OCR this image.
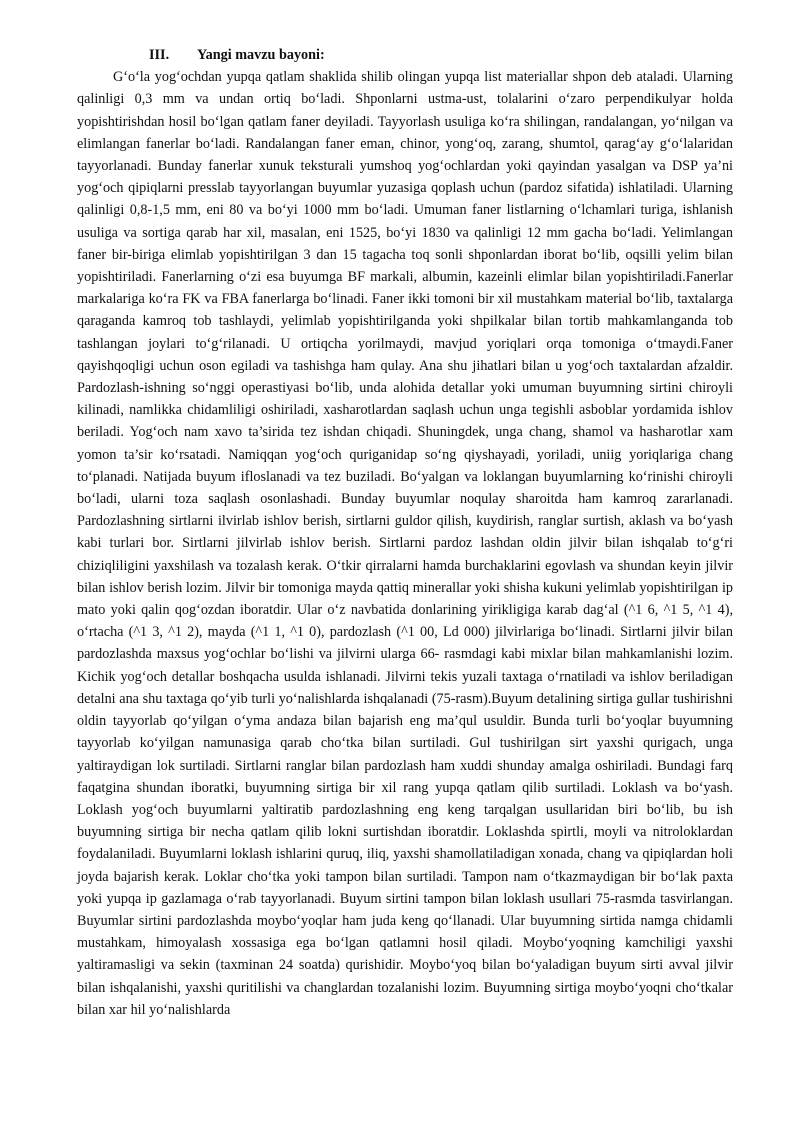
III. Yangi mavzu bayoni:

G‘o‘la yog‘ochdan yupqa qatlam shaklida shilib olingan yupqa list materiallar shpon deb ataladi. Ularning qalinligi 0,3 mm va undan ortiq bo‘ladi. Shponlarni ustma-ust, tolalarini o‘zaro perpendikulyar holda yopishtirishdan hosil bo‘lgan qatlam faner deyiladi. Tayyorlash usuliga ko‘ra shilingan, randalangan, yo‘nilgan va elimlangan fanerlar bo‘ladi. Randalangan faner eman, chinor, yong‘oq, zarang, shumtol, qarag‘ay g‘o‘lalaridan tayyorlanadi. Bunday fanerlar xunuk teksturali yumshoq yog‘ochlardan yoki qayindan yasalgan va DSP ya’ni yog‘och qipiqlarni presslab tayyorlangan buyumlar yuzasiga qoplash uchun (pardoz sifatida) ishlatiladi. Ularning qalinligi 0,8-1,5 mm, eni 80 va bo‘yi 1000 mm bo‘ladi. Umuman faner listlarning o‘lchamlari turiga, ishlanish usuliga va sortiga qarab har xil, masalan, eni 1525, bo‘yi 1830 va qalinligi 12 mm gacha bo‘ladi. Yelimlangan faner bir-biriga elimlab yopishtirilgan 3 dan 15 tagacha toq sonli shponlardan iborat bo‘lib, oqsilli yelim bilan yopishtiriladi. Fanerlarning o‘zi esa buyumga BF markali, albumin, kazeinli elimlar bilan yopishtiriladi.Fanerlar markalariga ko‘ra FK va FBA fanerlarga bo‘linadi. Faner ikki tomoni bir xil mustahkam material bo‘lib, taxtalarga qaraganda kamroq tob tashlaydi, yelimlab yopishtirilganda yoki shpilkalar bilan tortib mahkamlanganda tob tashlangan joylari to‘g‘rilanadi. U ortiqcha yorilmaydi, mavjud yoriqlari orqa tomoniga o‘tmaydi.Faner qayishqoqligi uchun oson egiladi va tashishga ham qulay. Ana shu jihatlari bilan u yog‘och taxtalardan afzaldir. Pardozlash-ishning so‘nggi operastiyasi bo‘lib, unda alohida detallar yoki umuman buyumning sirtini chiroyli kilinadi, namlikka chidamliligi oshiriladi, xasharotlardan saqlash uchun unga tegishli asboblar yordamida ishlov beriladi. Yog‘och nam xavo ta’sirida tez ishdan chiqadi. Shuningdek, unga chang, shamol va hasharotlar xam yomon ta’sir ko‘rsatadi. Namiqqan yog‘och quriganidap so‘ng qiyshayadi, yoriladi, uniig yoriqlariga chang to‘planadi. Natijada buyum ifloslanadi va tez buziladi. Bo‘yalgan va loklangan buyumlarning ko‘rinishi chiroyli bo‘ladi, ularni toza saqlash osonlashadi. Bunday buyumlar noqulay sharoitda ham kamroq zararlanadi. Pardozlashning sirtlarni ilvirlab ishlov berish, sirtlarni guldor qilish, kuydirish, ranglar surtish, aklash va bo‘yash kabi turlari bor. Sirtlarni jilvirlab ishlov berish. Sirtlarni pardoz lashdan oldin jilvir bilan ishqalab to‘g‘ri chiziqliligini yaxshilash va tozalash kerak. O‘tkir qirralarni hamda burchaklarini egovlash va shundan keyin jilvir bilan ishlov berish lozim. Jilvir bir tomoniga mayda qattiq minerallar yoki shisha kukuni yelimlab yopishtirilgan ip mato yoki qalin qog‘ozdan iboratdir. Ular o‘z navbatida donlarining yirikligiga karab dag‘al (^1 6, ^1 5, ^1 4), o‘rtacha (^1 3, ^1 2), mayda (^1 1, ^1 0), pardozlash (^1 00, Ld 000) jilvirlariga bo‘linadi. Sirtlarni jilvir bilan pardozlashda maxsus yog‘ochlar bo‘lishi va jilvirni ularga 66- rasmdagi kabi mixlar bilan mahkamlanishi lozim. Kichik yog‘och detallar boshqacha usulda ishlanadi. Jilvirni tekis yuzali taxtaga o‘rnatiladi va ishlov beriladigan detalni ana shu taxtaga qo‘yib turli yo‘nalishlarda ishqalanadi (75-rasm).Buyum detalining sirtiga gullar tushirishni oldin tayyorlab qo‘yilgan o‘yma andaza bilan bajarish eng ma’qul usuldir. Bunda turli bo‘yoqlar buyumning tayyorlab ko‘yilgan namunasiga qarab cho‘tka bilan surtiladi. Gul tushirilgan sirt yaxshi qurigach, unga yaltiraydigan lok surtiladi. Sirtlarni ranglar bilan pardozlash ham xuddi shunday amalga oshiriladi. Bundagi farq faqatgina shundan iboratki, buyumning sirtiga bir xil rang yupqa qatlam qilib surtiladi. Loklash va bo‘yash. Loklash yog‘och buyumlarni yaltiratib pardozlashning eng keng tarqalgan usullaridan biri bo‘lib, bu ish buyumning sirtiga bir necha qatlam qilib lokni surtishdan iboratdir. Loklashda spirtli, moyli va nitroloklardan foydalaniladi. Buyumlarni loklash ishlarini quruq, iliq, yaxshi shamollatiladigan xonada, chang va qipiqlardan holi joyda bajarish kerak. Loklar cho‘tka yoki tampon bilan surtiladi. Tampon nam o‘tkazmaydigan bir bo‘lak paxta yoki yupqa ip gazlamaga o‘rab tayyorlanadi. Buyum sirtini tampon bilan loklash usullari 75-rasmda tasvirlangan. Buyumlar sirtini pardozlashda moybo‘yoqlar ham juda keng qo‘llanadi. Ular buyumning sirtida namga chidamli mustahkam, himoyalash xossasiga ega bo‘lgan qatlamni hosil qiladi. Moybo‘yoqning kamchiligi yaxshi yaltiramasligi va sekin (taxminan 24 soatda) qurishidir. Moybo‘yoq bilan bo‘yaladigan buyum sirti avval jilvir bilan ishqalanishi, yaxshi quritilishi va changlardan tozalanishi lozim. Buyumning sirtiga moybo‘yoqni cho‘tkalar bilan xar hil yo‘nalishlarda
